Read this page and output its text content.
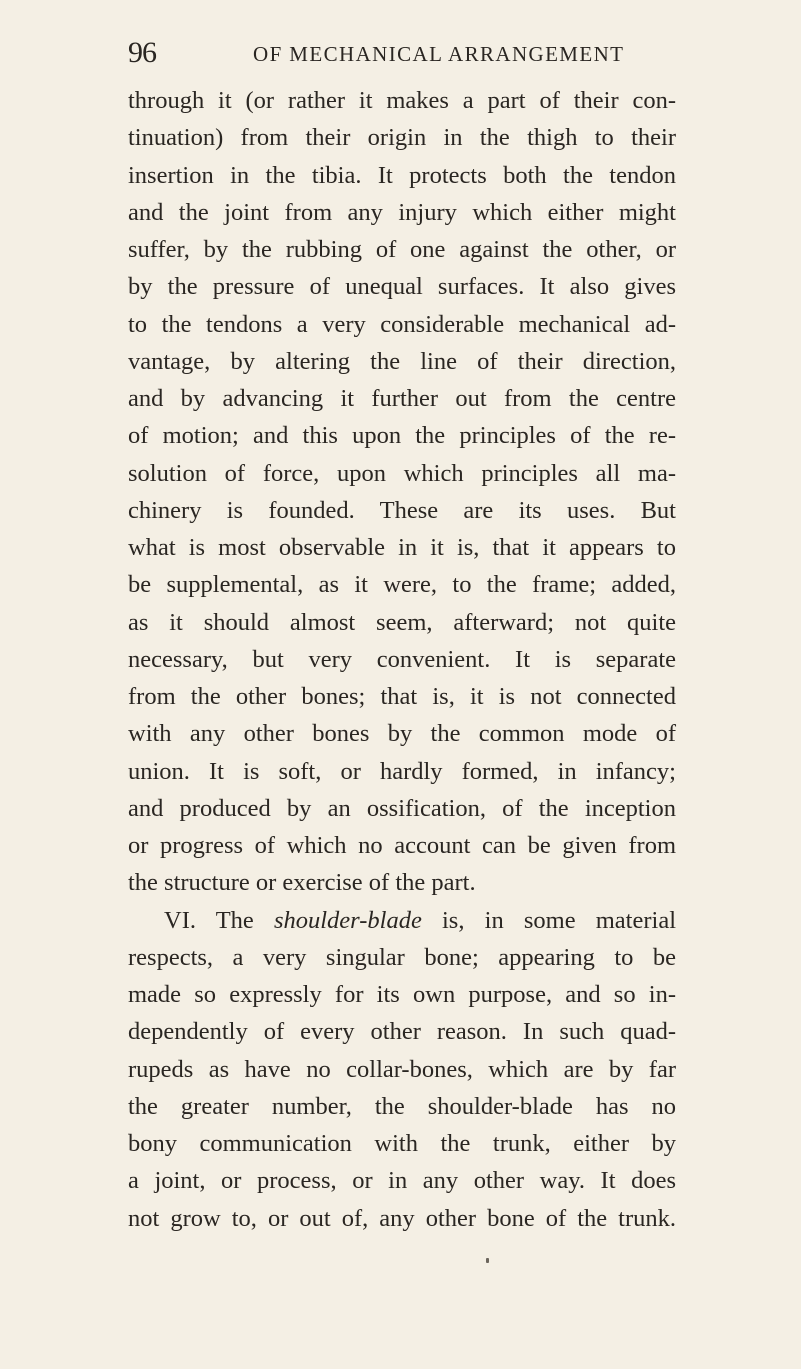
96	OF MECHANICAL ARRANGEMENT
through it (or rather it makes a part of their con-
tinuation) from their origin in the thigh to their
insertion in the tibia. It protects both the tendon
and the joint from any injury which either might
suffer, by the rubbing of one against the other, or
by the pressure of unequal surfaces. It also gives
to the tendons a very considerable mechanical ad-
vantage, by altering the line of their direction,
and by advancing it further out from the centre
of motion; and this upon the principles of the re-
solution of force, upon which principles all ma-
chinery is founded. These are its uses. But
what is most observable in it is, that it appears to
be supplemental, as it were, to the frame; added,
as it should almost seem, afterward; not quite
necessary, but very convenient. It is separate
from the other bones; that is, it is not connected
with any other bones by the common mode of
union. It is soft, or hardly formed, in infancy;
and produced by an ossification, of the inception
or progress of which no account can be given from
the structure or exercise of the part.
VI. The shoulder-blade is, in some material
respects, a very singular bone; appearing to be
made so expressly for its own purpose, and so in-
dependently of every other reason. In such quad-
rupeds as have no collar-bones, which are by far
the greater number, the shoulder-blade has no
bony communication with the trunk, either by
a joint, or process, or in any other way. It does
not grow to, or out of, any other bone of the trunk.
